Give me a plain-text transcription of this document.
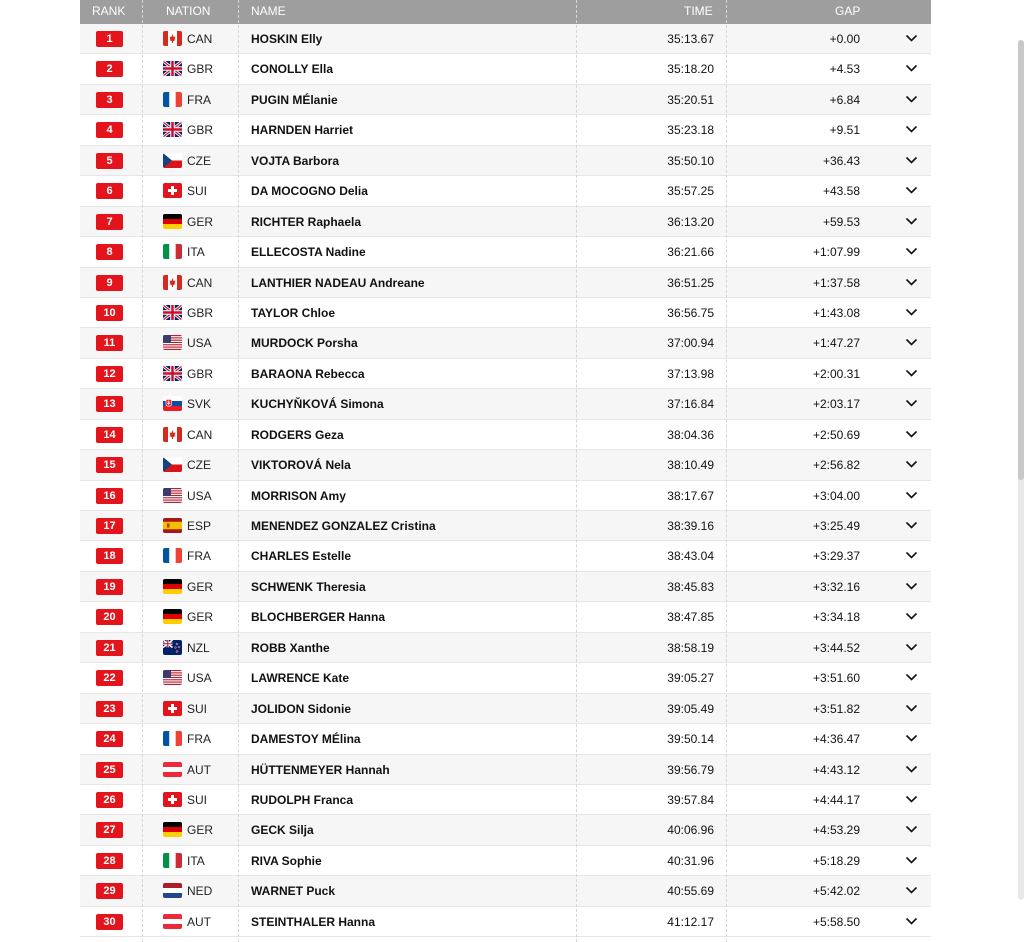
RANK	NATION	NAME	TIME	GAP
1	CAN	HOSKIN Elly	35:13.67	+0.00
2	GBR	CONOLLY Ella	35:18.20	+4.53
3	FRA	PUGIN MÉlanie	35:20.51	+6.84
4	GBR	HARNDEN Harriet	35:23.18	+9.51
5	CZE	VOJTA Barbora	35:50.10	+36.43
6	SUI	DA MOCOGNO Delia	35:57.25	+43.58
7	GER	RICHTER Raphaela	36:13.20	+59.53
8	ITA	ELLECOSTA Nadine	36:21.66	+1:07.99
9	CAN	LANTHIER NADEAU Andreane	36:51.25	+1:37.58
10	GBR	TAYLOR Chloe	36:56.75	+1:43.08
11	USA	MURDOCK Porsha	37:00.94	+1:47.27
12	GBR	BARAONA Rebecca	37:13.98	+2:00.31
13	SVK	KUCHYŇKOVÁ Simona	37:16.84	+2:03.17
14	CAN	RODGERS Geza	38:04.36	+2:50.69
15	CZE	VIKTOROVÁ Nela	38:10.49	+2:56.82
16	USA	MORRISON Amy	38:17.67	+3:04.00
17	ESP	MENENDEZ GONZALEZ Cristina	38:39.16	+3:25.49
18	FRA	CHARLES Estelle	38:43.04	+3:29.37
19	GER	SCHWENK Theresia	38:45.83	+3:32.16
20	GER	BLOCHBERGER Hanna	38:47.85	+3:34.18
21	NZL	ROBB Xanthe	38:58.19	+3:44.52
22	USA	LAWRENCE Kate	39:05.27	+3:51.60
23	SUI	JOLIDON Sidonie	39:05.49	+3:51.82
24	FRA	DAMESTOY MÉlina	39:50.14	+4:36.47
25	AUT	HÜTTENMEYER Hannah	39:56.79	+4:43.12
26	SUI	RUDOLPH Franca	39:57.84	+4:44.17
27	GER	GECK Silja	40:06.96	+4:53.29
28	ITA	RIVA Sophie	40:31.96	+5:18.29
29	NED	WARNET Puck	40:55.69	+5:42.02
30	AUT	STEINTHALER Hanna	41:12.17	+5:58.50
